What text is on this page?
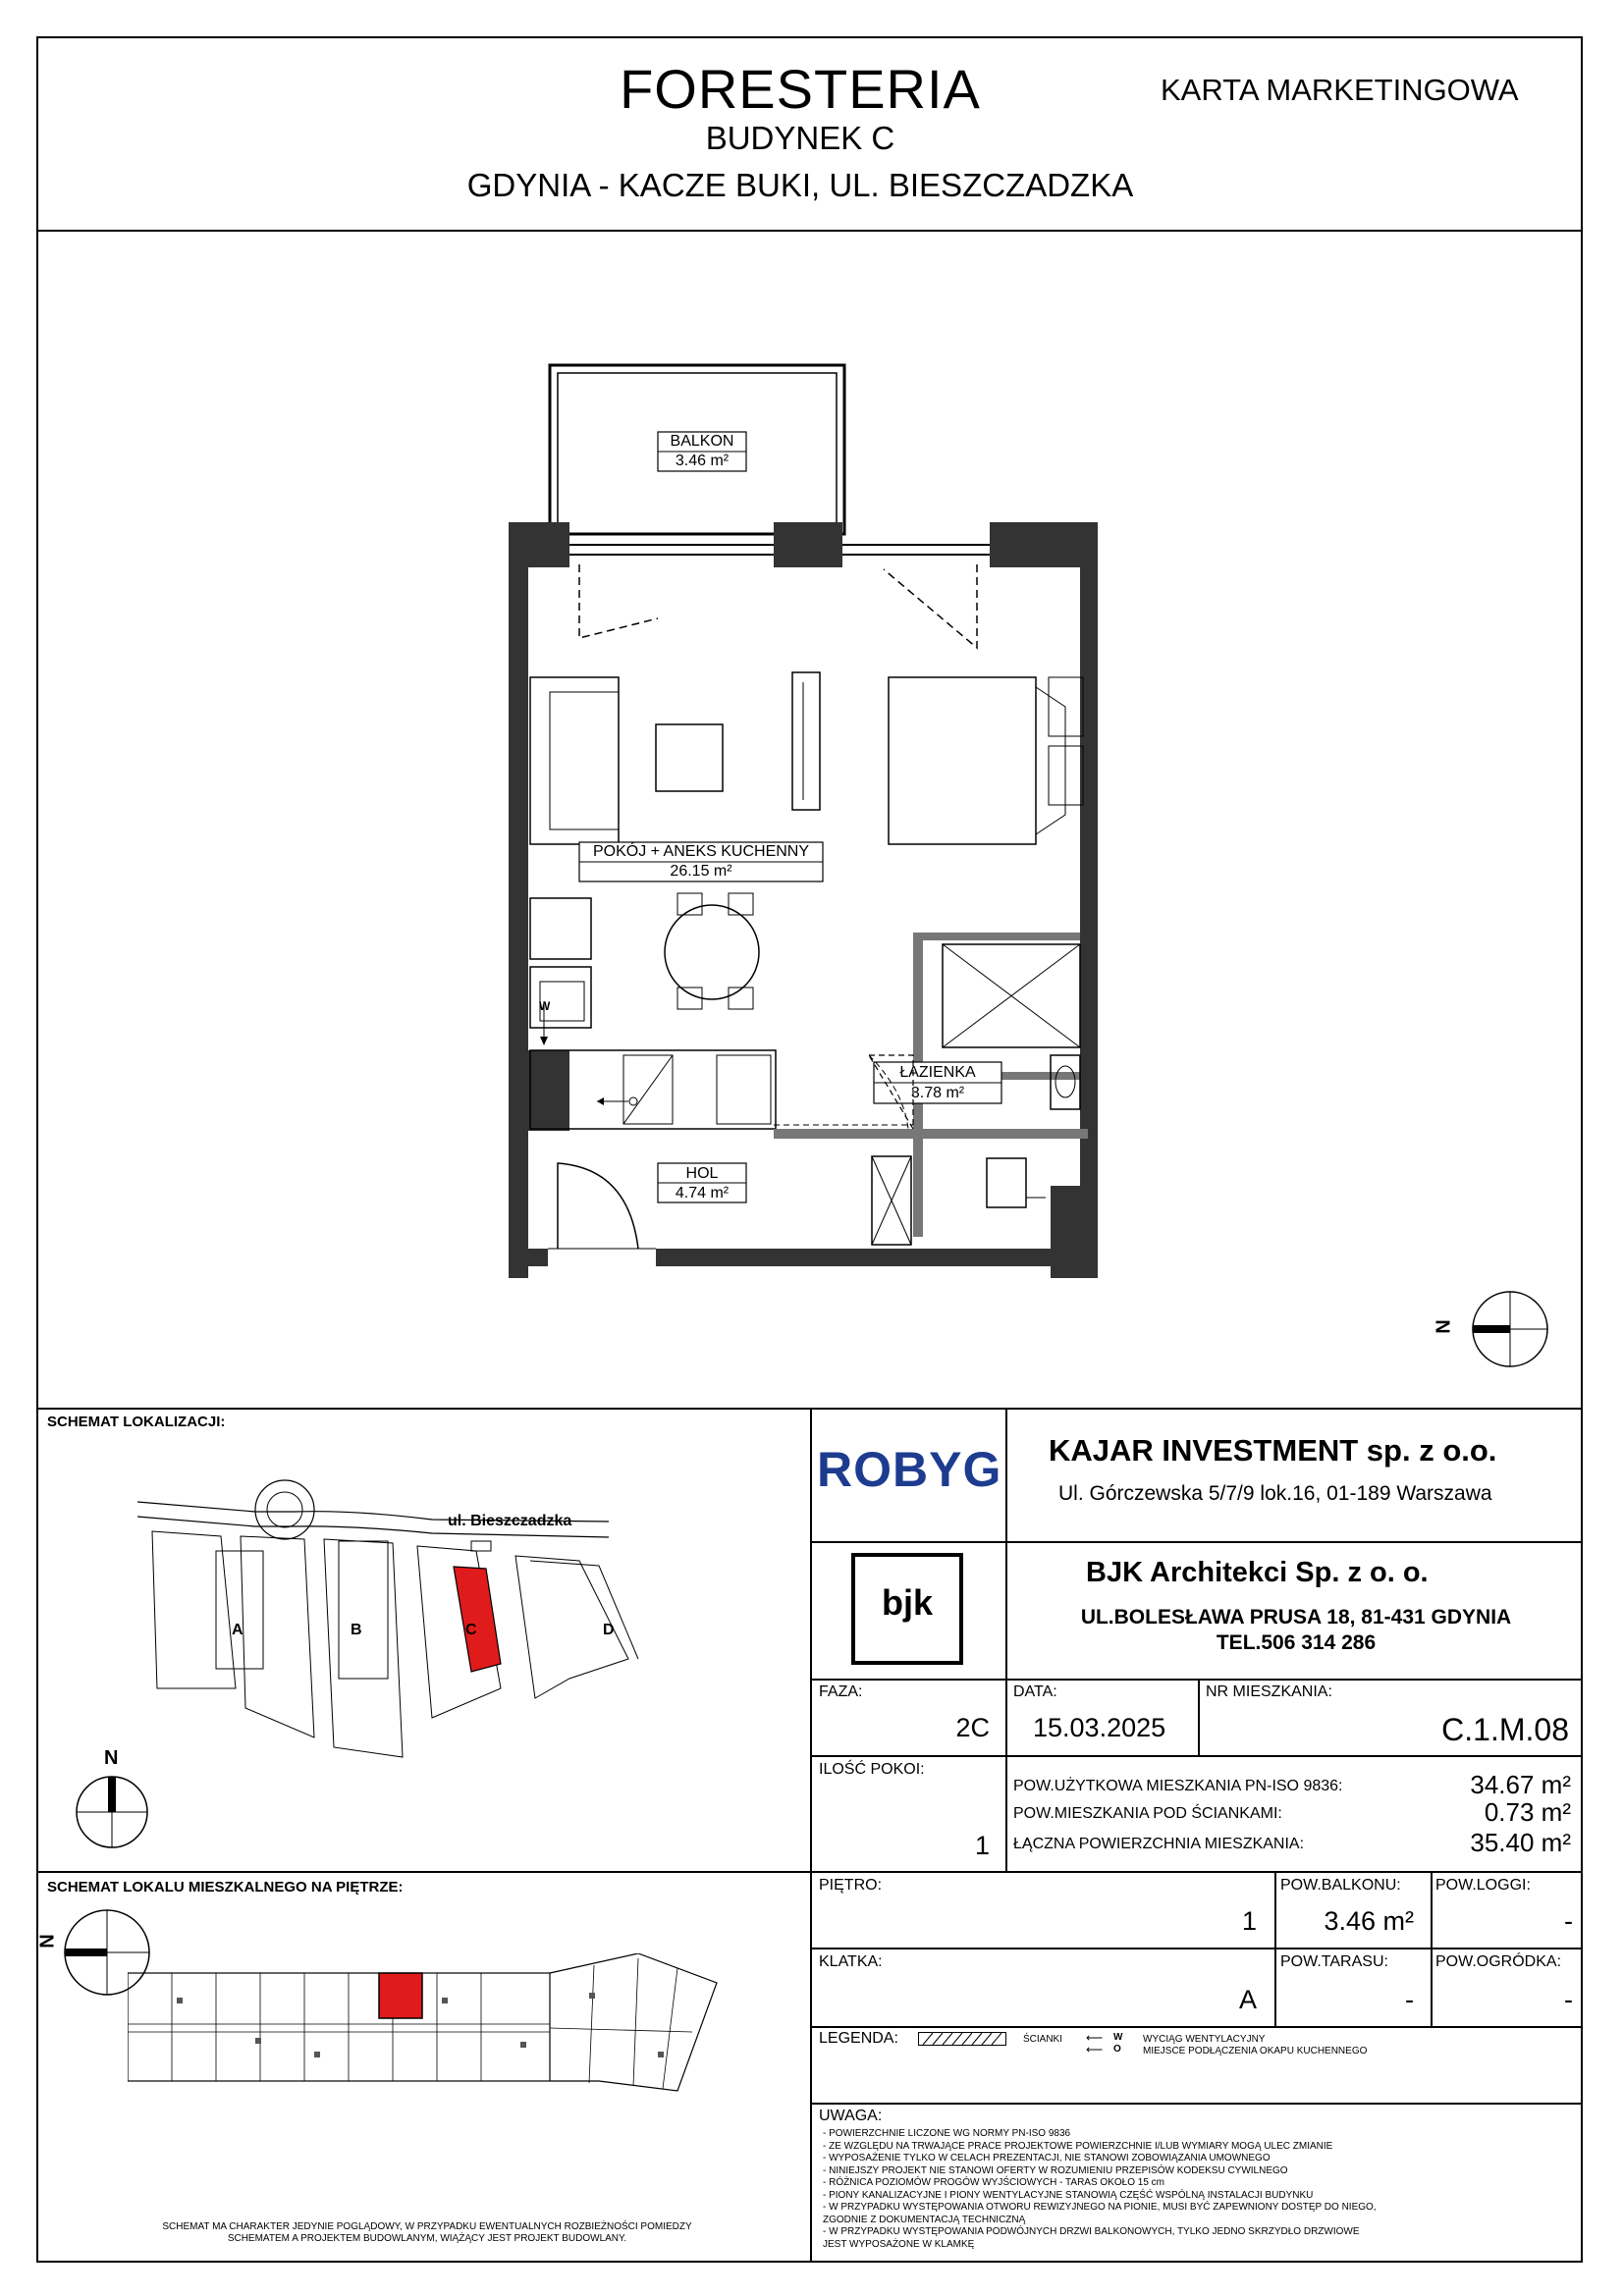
FORESTERIA
BUDYNEK C
GDYNIA - KACZE BUKI, UL. BIESZCZADZKA
KARTA MARKETINGOWA
BALKON
3.46 m²
POKÓJ + ANEKS KUCHENNY
26.15 m²
ŁAZIENKA
3.78 m²
HOL
4.74 m²
W
N
SCHEMAT LOKALIZACJI:
ul. Bieszczadzka
A	B	C	D
N
SCHEMAT LOKALU MIESZKALNEGO NA PIĘTRZE:
N
SCHEMAT MA CHARAKTER JEDYNIE POGLĄDOWY, W PRZYPADKU EWENTUALNYCH ROZBIEŻNOŚCI POMIEDZY
SCHEMATEM A PROJEKTEM BUDOWLANYM, WIĄŻĄCY JEST PROJEKT BUDOWLANY.
ROBYG KAJAR INVESTMENT sp. z o.o.
Ul. Górczewska 5/7/9 lok.16, 01-189 Warszawa
bjk
BJK Architekci Sp. z o. o.
UL.BOLESŁAWA PRUSA 18, 81-431 GDYNIA
TEL.506 314 286
FAZA:
2C
DATA:
15.03.2025
NR MIESZKANIA:
C.1.M.08
ILOŚĆ POKOI:
1
POW.UŻYTKOWA MIESZKANIA PN-ISO 9836:	34.67 m²
POW.MIESZKANIA POD ŚCIANKAMI:	0.73 m²
ŁĄCZNA POWIERZCHNIA MIESZKANIA:	35.40 m²
PIĘTRO:
1
POW.BALKONU:
3.46 m²
POW.LOGGI:
-
KLATKA:
A
POW.TARASU:
-
POW.OGRÓDKA:
-
LEGENDA:	ŚCIANKI ⟵ W WYCIĄG WENTYLACYJNY
⟵ O MIEJSCE PODŁĄCZENIA OKAPU KUCHENNEGO
UWAGA:
- POWIERZCHNIE LICZONE WG NORMY PN-ISO 9836
- ZE WZGLĘDU NA TRWAJĄCE PRACE PROJEKTOWE POWIERZCHNIE I/LUB WYMIARY MOGĄ ULEC ZMIANIE
- WYPOSAŻENIE TYLKO W CELACH PREZENTACJI, NIE STANOWI ZOBOWIĄZANIA UMOWNEGO
- NINIEJSZY PROJEKT NIE STANOWI OFERTY W ROZUMIENIU PRZEPISÓW KODEKSU CYWILNEGO
- RÓŻNICA POZIOMÓW PROGÓW WYJŚCIOWYCH - TARAS OKOŁO 15 cm
- PIONY KANALIZACYJNE I PIONY WENTYLACYJNE STANOWIĄ CZĘŚĆ WSPÓLNĄ INSTALACJI BUDYNKU
- W PRZYPADKU WYSTĘPOWANIA OTWORU REWIZYJNEGO NA PIONIE, MUSI BYĆ ZAPEWNIONY DOSTĘP DO NIEGO,
ZGODNIE Z DOKUMENTACJĄ TECHNICZNĄ
- W PRZYPADKU WYSTĘPOWANIA PODWÓJNYCH DRZWI BALKONOWYCH, TYLKO JEDNO SKRZYDŁO DRZWIOWE
JEST WYPOSAŻONE W KLAMKĘ
